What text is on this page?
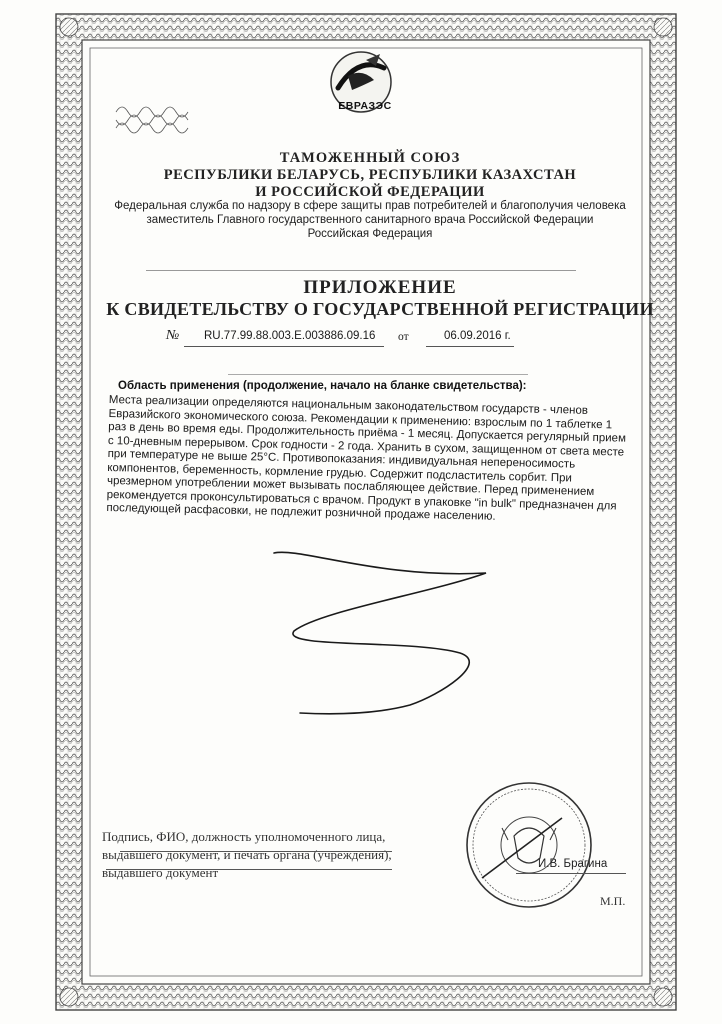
ЕВРАЗЭС
ТАМОЖЕННЫЙ СОЮЗ
РЕСПУБЛИКИ БЕЛАРУСЬ, РЕСПУБЛИКИ КАЗАХСТАН
И РОССИЙСКОЙ ФЕДЕРАЦИИ
Федеральная служба по надзору в сфере защиты прав потребителей и благополучия человека
заместитель Главного государственного санитарного врача Российской Федерации
Российская Федерация

ПРИЛОЖЕНИЕ
К СВИДЕТЕЛЬСТВУ О ГОСУДАРСТВЕННОЙ РЕГИСТРАЦИИ
№ RU.77.99.88.003.E.003886.09.16 от	06.09.2016 г.

Область применения (продолжение, начало на бланке свидетельства):
Места реализации определяются национальным законодательством государств - членов Евразийского экономического союза. Рекомендации к применению: взрослым по 1 таблетке 1 раз в день во время еды. Продолжительность приёма - 1 месяц. Допускается регулярный прием с 10-дневным перерывом. Срок годности - 2 года. Хранить в сухом, защищенном от света месте при температуре не выше 25°С. Противопоказания: индивидуальная непереносимость компонентов, беременность, кормление грудью. Содержит подсластитель сорбит. При чрезмерном употреблении может вызывать послабляющее действие. Перед применением рекомендуется проконсультироваться с врачом. Продукт в упаковке "in bulk" предназначен для последующей расфасовки, не подлежит розничной продаже населению.
Подпись, ФИО, должность уполномоченного лица, выдавшего документ, и печать органа (учреждения), выдавшего документ
И.В. Брагина
М.П.
